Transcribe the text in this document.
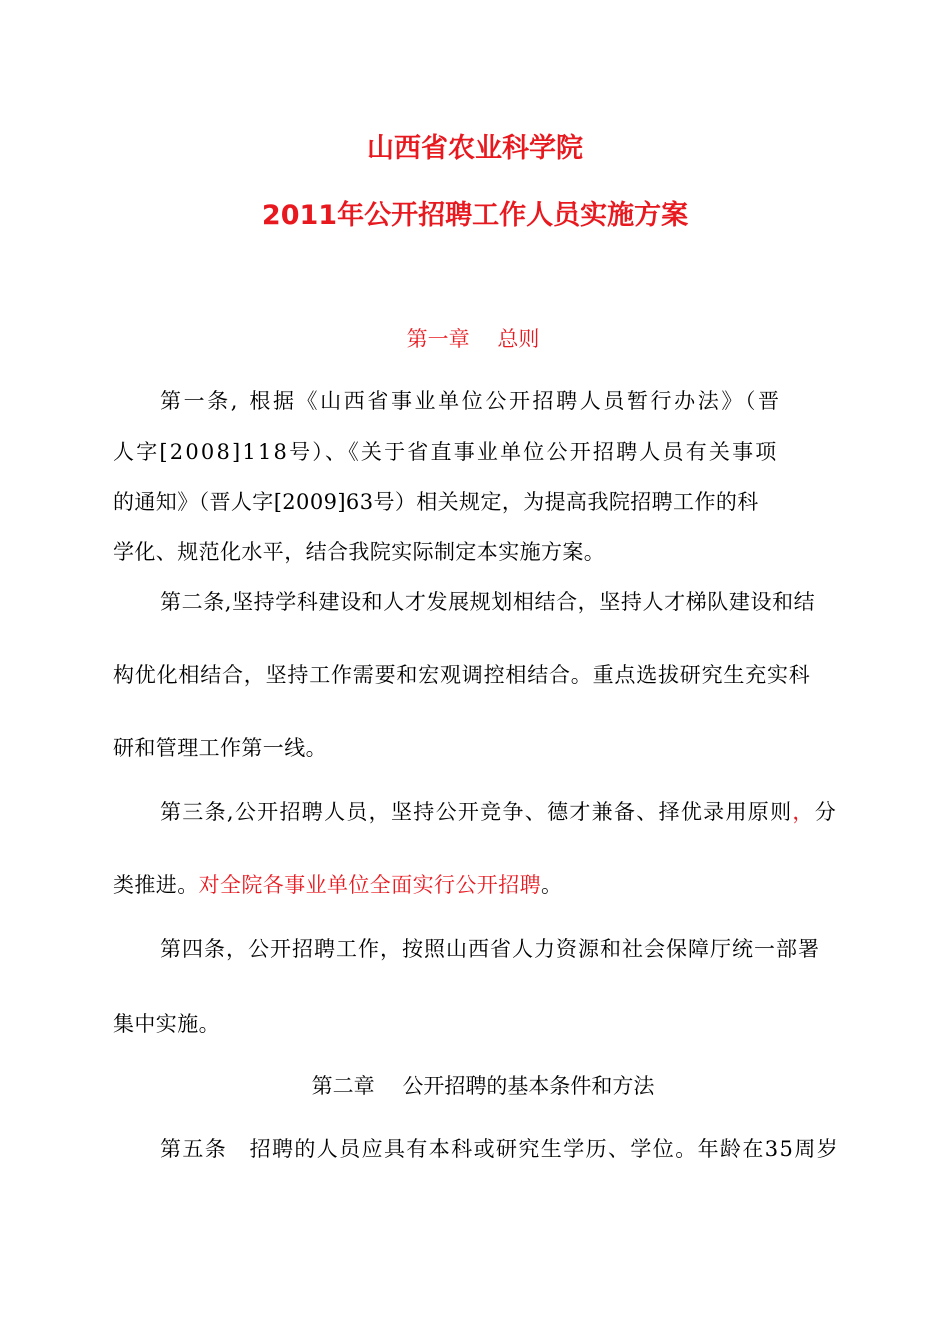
山西省农业科学院
2011年公开招聘工作人员实施方案
第一章　 总则
第一条, 根据《山西省事业单位公开招聘人员暂行办法》（晋
人字[2008]118号）、《关于省直事业单位公开招聘人员有关事项
的通知》（晋人字[2009]63号）相关规定，为提高我院招聘工作的科
学化、规范化水平，结合我院实际制定本实施方案。
第二条,坚持学科建设和人才发展规划相结合，坚持人才梯队建设和结
构优化相结合，坚持工作需要和宏观调控相结合。重点选拔研究生充实科
研和管理工作第一线。
第三条,公开招聘人员，坚持公开竞争、德才兼备、择优录用原则，分
类推进。对全院各事业单位全面实行公开招聘。
第四条，公开招聘工作，按照山西省人力资源和社会保障厅统一部署
集中实施。
第二章　 公开招聘的基本条件和方法
第五条　招聘的人员应具有本科或研究生学历、学位。年龄在35周岁
